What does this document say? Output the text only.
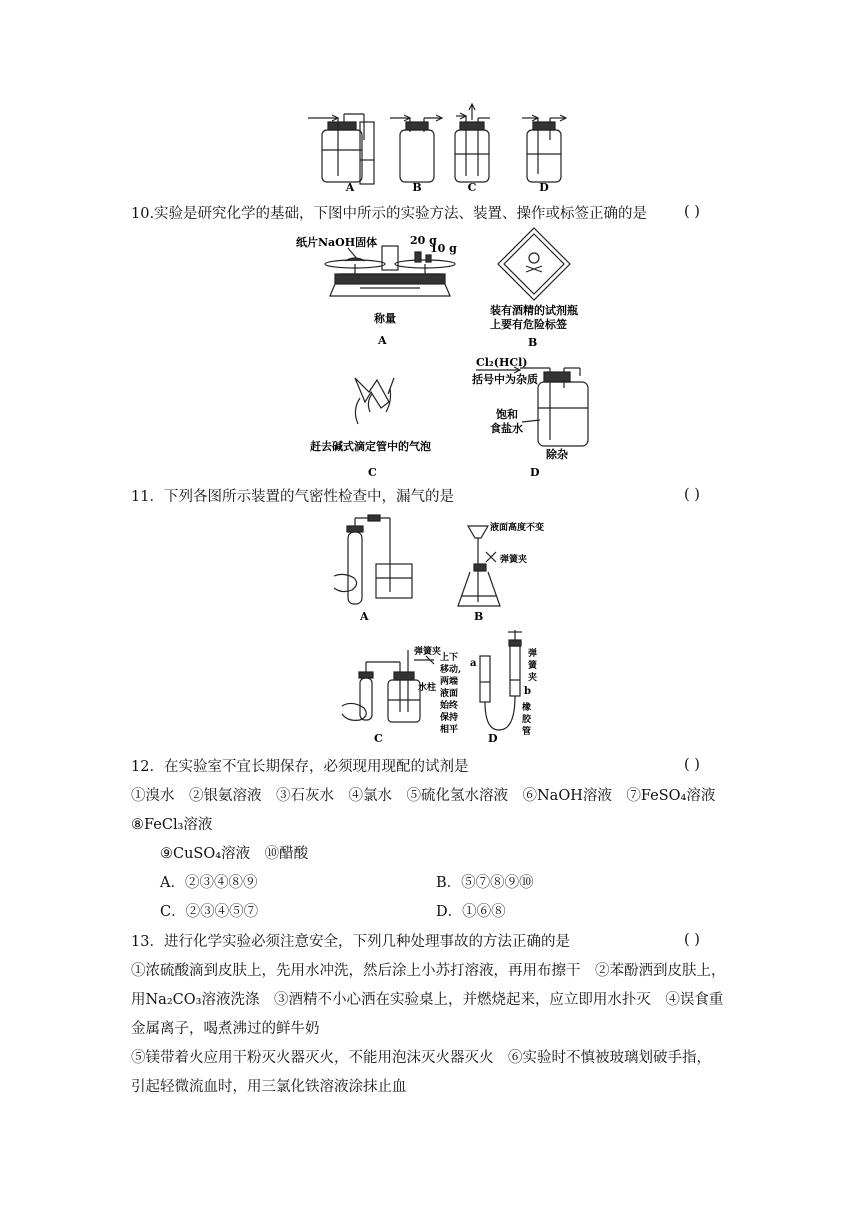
A	B	C	D
10.实验是研究化学的基础，下图中所示的实验方法、装置、操作或标签正确的是	( )
纸片NaOH固体	20 g
10 g
称量
A
装有酒精的试剂瓶
上要有危险标签
B
赶去碱式滴定管中的气泡
C
Cl₂(HCl)
括号中为杂质
饱和
食盐水
除杂
D
11．下列各图所示装置的气密性检查中，漏气的是	( )
A
液面高度不变
弹簧夹
B
弹簧夹
水柱
C
a
b
上下
移动,
两端
液面
始终
保持
相平
弹
簧
夹
橡
胶
管
D
12．在实验室不宜长期保存，必须现用现配的试剂是	( )
①溴水　②银氨溶液　③石灰水　④氯水　⑤硫化氢水溶液　⑥NaOH溶液　⑦FeSO₄溶液
⑧FeCl₃溶液
⑨CuSO₄溶液　⑩醋酸
A．②③④⑧⑨	B．⑤⑦⑧⑨⑩
C．②③④⑤⑦	D．①⑥⑧
13．进行化学实验必须注意安全，下列几种处理事故的方法正确的是	( )
①浓硫酸滴到皮肤上，先用水冲洗，然后涂上小苏打溶液，再用布擦干　②苯酚洒到皮肤上，
用Na₂CO₃溶液洗涤　③酒精不小心洒在实验桌上，并燃烧起来，应立即用水扑灭　④误食重
金属离子，喝煮沸过的鲜牛奶
⑤镁带着火应用干粉灭火器灭火，不能用泡沫灭火器灭火　⑥实验时不慎被玻璃划破手指，
引起轻微流血时，用三氯化铁溶液涂抹止血
